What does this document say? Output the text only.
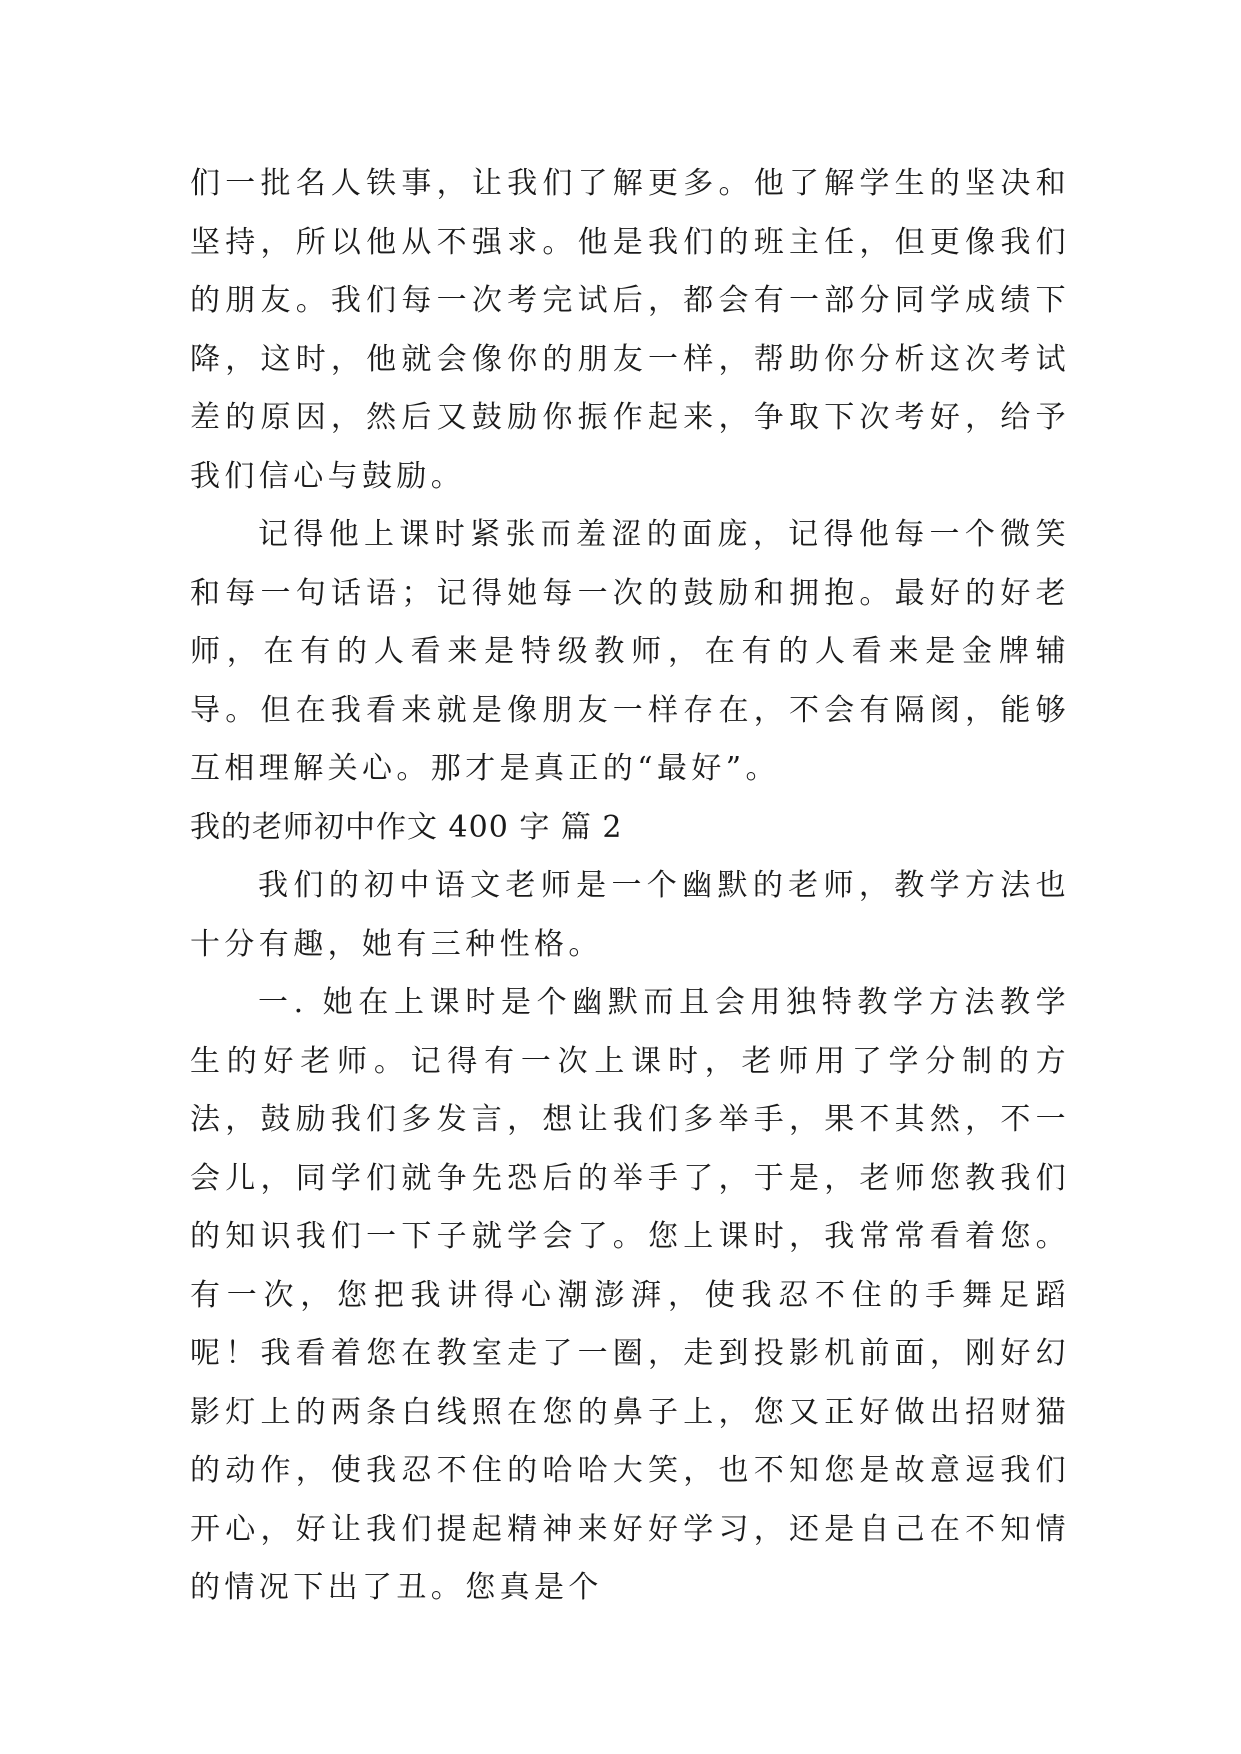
们一批名人铁事，让我们了解更多。他了解学生的坚决和坚持，所以他从不强求。他是我们的班主任，但更像我们的朋友。我们每一次考完试后，都会有一部分同学成绩下降，这时，他就会像你的朋友一样，帮助你分析这次考试差的原因，然后又鼓励你振作起来，争取下次考好，给予我们信心与鼓励。

记得他上课时紧张而羞涩的面庞，记得他每一个微笑和每一句话语；记得她每一次的鼓励和拥抱。最好的好老师，在有的人看来是特级教师，在有的人看来是金牌辅导。但在我看来就是像朋友一样存在，不会有隔阂，能够互相理解关心。那才是真正的“最好”。

我的老师初中作文 400 字 篇 2

我们的初中语文老师是一个幽默的老师，教学方法也十分有趣，她有三种性格。

一. 她在上课时是个幽默而且会用独特教学方法教学生的好老师。记得有一次上课时，老师用了学分制的方法，鼓励我们多发言，想让我们多举手，果不其然，不一会儿，同学们就争先恐后的举手了，于是，老师您教我们的知识我们一下子就学会了。您上课时，我常常看着您。有一次，您把我讲得心潮澎湃，使我忍不住的手舞足蹈呢！我看着您在教室走了一圈，走到投影机前面，刚好幻影灯上的两条白线照在您的鼻子上，您又正好做出招财猫的动作，使我忍不住的哈哈大笑，也不知您是故意逗我们开心，好让我们提起精神来好好学习，还是自己在不知情的情况下出了丑。您真是个
